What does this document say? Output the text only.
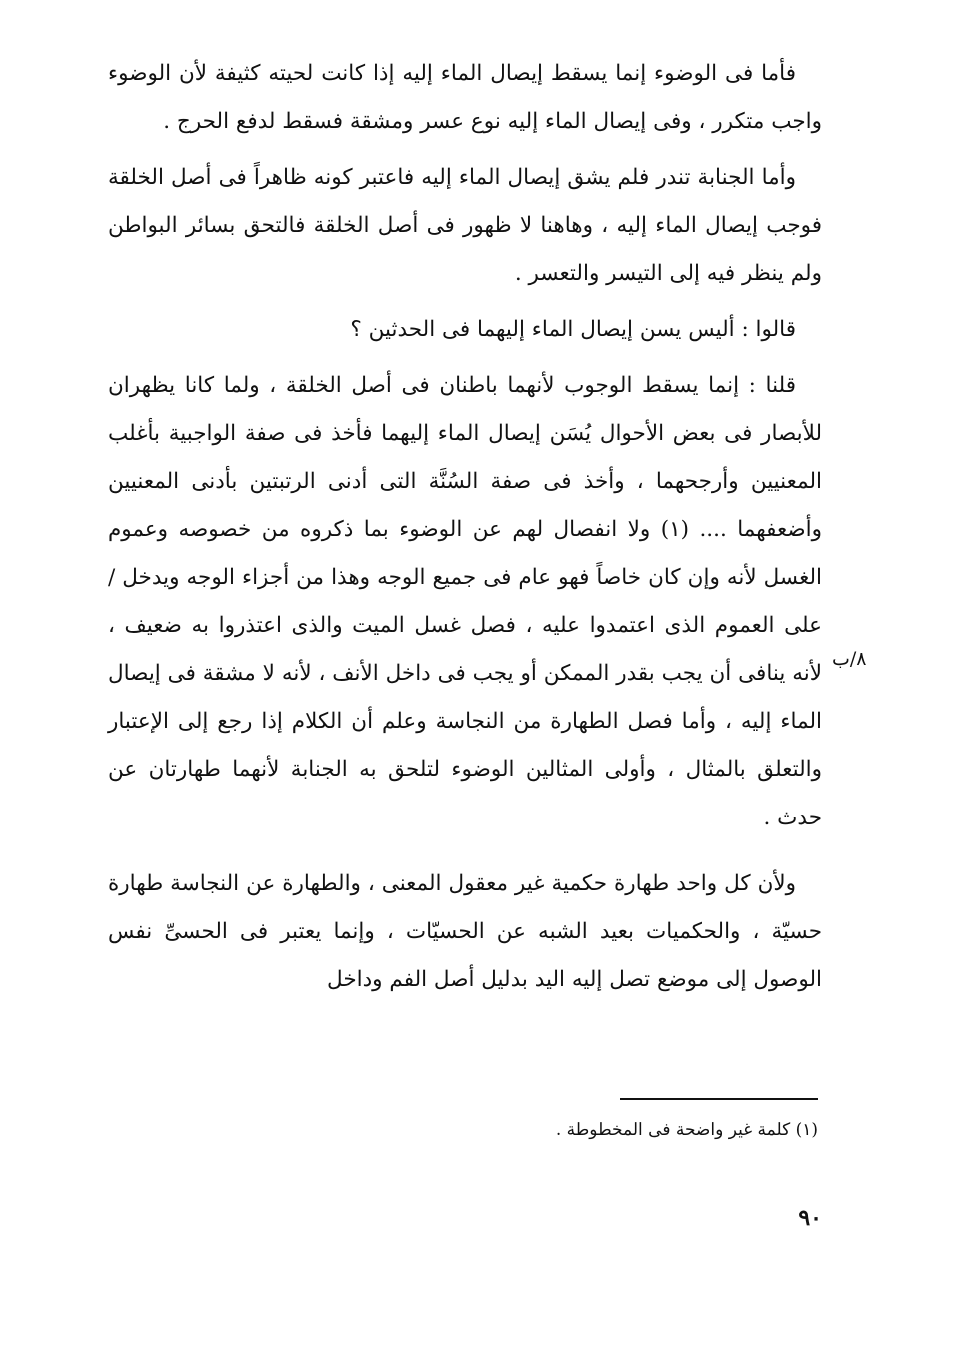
فأما فى الوضوء إنما يسقط إيصال الماء إليه إذا كانت لحيته كثيفة لأن الوضوء واجب متكرر ، وفى إيصال الماء إليه نوع عسر ومشقة فسقط لدفع الحرج .

وأما الجنابة تندر فلم يشق إيصال الماء إليه فاعتبر كونه ظاهراً فى أصل الخلقة فوجب إيصال الماء إليه ، وهاهنا لا ظهور فى أصل الخلقة فالتحق بسائر البواطن ولم ينظر فيه إلى التيسر والتعسر .

قالوا : أليس يسن إيصال الماء إليهما فى الحدثين ؟

قلنا : إنما يسقط الوجوب لأنهما باطنان فى أصل الخلقة ، ولما كانا يظهران للأبصار فى بعض الأحوال يُسَن إيصال الماء إليهما فأخذ فى صفة الواجبية بأغلب المعنيين وأرجحهما ، وأخذ فى صفة السُنَّة التى أدنى الرتبتين بأدنى المعنيين وأضعفهما .... (١) ولا انفصال لهم عن الوضوء بما ذكروه من خصوصه وعموم الغسل لأنه وإن كان خاصاً فهو عام فى جميع الوجه وهذا من أجزاء الوجه ويدخل / على العموم الذى اعتمدوا عليه ، فصل غسل الميت والذى اعتذروا به ضعيف ، لأنه ينافى أن يجب بقدر الممكن أو يجب فى داخل الأنف ، لأنه لا مشقة فى إيصال الماء إليه ، وأما فصل الطهارة من النجاسة وعلم أن الكلام إذا رجع إلى الإعتبار والتعلق بالمثال ، وأولى المثالين الوضوء لتلحق به الجنابة لأنهما طهارتان عن حدث .

ولأن كل واحد طهارة حكمية غير معقول المعنى ، والطهارة عن النجاسة طهارة حسيّة ، والحكميات بعيد الشبه عن الحسيّات ، وإنما يعتبر فى الحسىِّ نفس الوصول إلى موضع تصل إليه اليد بدليل أصل الفم وداخل

٨/ب
(١) كلمة غير واضحة فى المخطوطة .
٩٠
